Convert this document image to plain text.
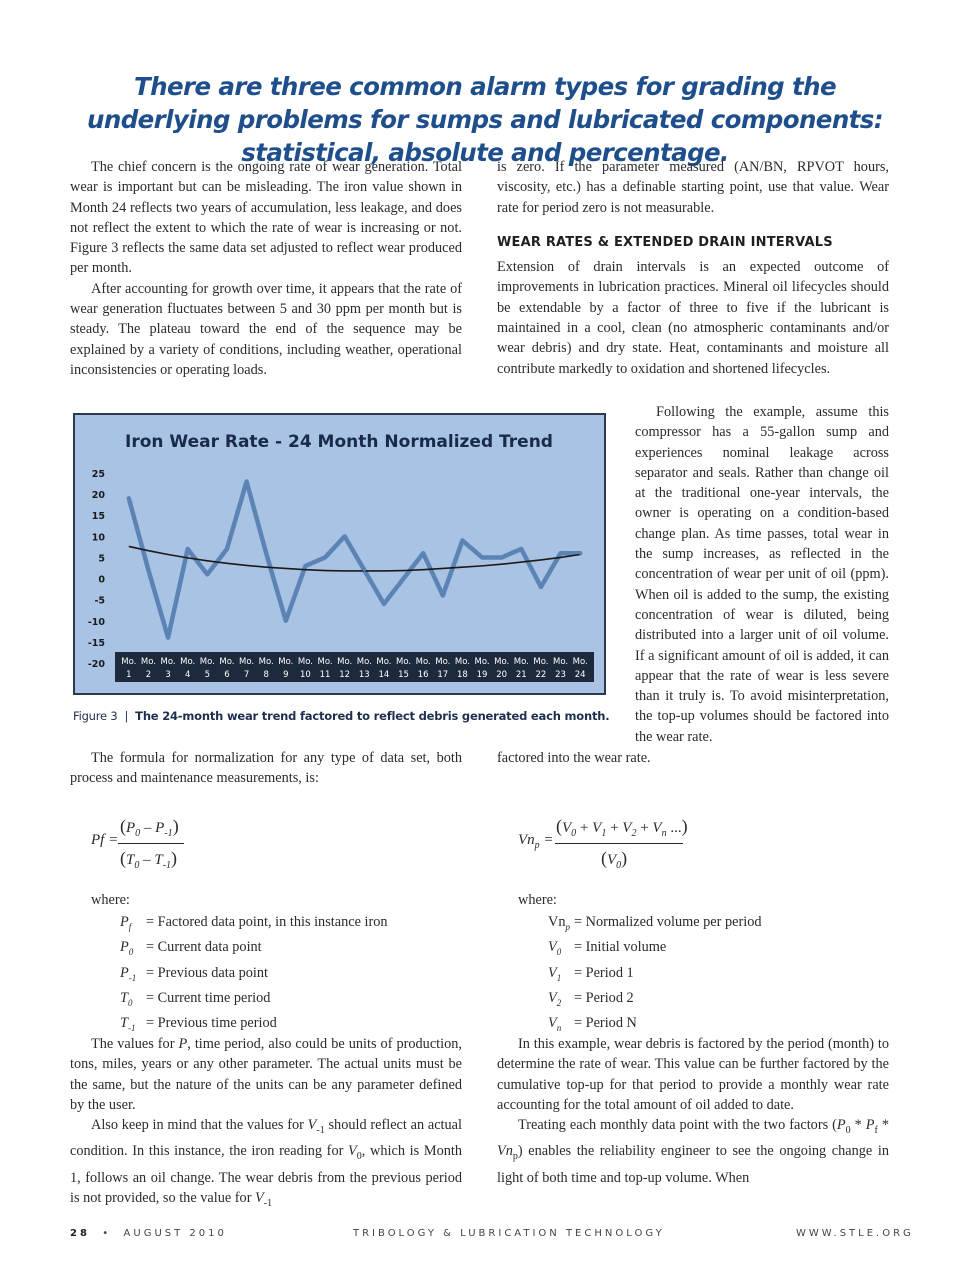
There are three common alarm types for grading the underlying problems for sumps and lubricated components: statistical, absolute and percentage.

The chief concern is the ongoing rate of wear generation. Total wear is important but can be misleading. The iron value shown in Month 24 reflects two years of accumulation, less leakage, and does not reflect the extent to which the rate of wear is increasing or not. Figure 3 reflects the same data set adjusted to reflect wear produced per month.

After accounting for growth over time, it appears that the rate of wear generation fluctuates between 5 and 30 ppm per month but is steady. The plateau toward the end of the sequence may be explained by a variety of conditions, including weather, operational inconsistencies or operating loads.

is zero. If the parameter measured (AN/BN, RPVOT hours, viscosity, etc.) has a definable starting point, use that value. Wear rate for period zero is not measurable.

WEAR RATES & EXTENDED DRAIN INTERVALS

Extension of drain intervals is an expected outcome of improvements in lubrication practices. Mineral oil lifecycles should be extendable by a factor of three to five if the lubricant is maintained in a cool, clean (no atmospheric contaminants and/or wear debris) and dry state. Heat, contaminants and moisture all contribute markedly to oxidation and shortened lifecycles.

Following the example, assume this compressor has a 55-gallon sump and experiences nominal leakage across separator and seals. Rather than change oil at the traditional one-year intervals, the owner is operating on a condition-based change plan. As time passes, total wear in the sump increases, as reflected in the concentration of wear per unit of oil (ppm). When oil is added to the sump, the existing concentration of wear is diluted, being distributed into a larger unit of oil volume. If a significant amount of oil is added, it can appear that the rate of wear is less severe than it truly is. To avoid misinterpretation, the top-up volumes should be factored into the wear rate.

Iron Wear Rate - 24 Month Normalized Trend
25
20
15
10
5
0
-5
-10
-15
-20 Mo.
1
Mo.
2
Mo.
3
Mo.
4
Mo.
5
Mo.
6
Mo.
7
Mo.
8
Mo.
9
Mo.
10
Mo.
11
Mo.
12
Mo.
13
Mo.
14
Mo.
15
Mo.
16
Mo.
17
Mo.
18
Mo.
19
Mo.
20
Mo.
21
Mo.
22
Mo.
23
Mo.
24
Figure 3 | The 24-month wear trend factored to reflect debris generated each month.

The formula for normalization for any type of data set, both process and maintenance measurements, is:

factored into the wear rate.

Pf =
$(P_0 - P_{-1})$
$(T_0 - T_{-1})$
$Vn_p$ =
($V_0 + V_1 + V_2 + V_n$ ...)
$(V_0)$
where:	where:
$P_f$	= Factored data point, in this instance iron
$P_0$ = Current data point
$P_{-1}$ = Previous data point
$T_0$ = Current time period
$T_{-1}$ = Previous time period
$Vn_p$ = Normalized volume per period
$V_0$ = Initial volume
$V_1$ = Period 1
$V_2$ = Period 2
$V_n$ = Period N

The values for P, time period, also could be units of production, tons, miles, years or any other parameter. The actual units must be the same, but the nature of the units can be any parameter defined by the user.

Also keep in mind that the values for $V_{-1}$ should reflect an actual condition. In this instance, the iron reading for $V_0$, which is Month 1, follows an oil change. The wear debris from the previous period is not provided, so the value for $V_{-1}$

In this example, wear debris is factored by the period (month) to determine the rate of wear. This value can be further factored by the cumulative top-up for that period to provide a monthly wear rate accounting for the total amount of oil added to date.

Treating each monthly data point with the two factors $(P_0 * P_f * Vn_p)$ enables the reliability engineer to see the ongoing change in light of both time and top-up volume. When

28 • AUGUST 2010	TRIBOLOGY & LUBRICATION TECHNOLOGY	WWW.STLE.ORG
